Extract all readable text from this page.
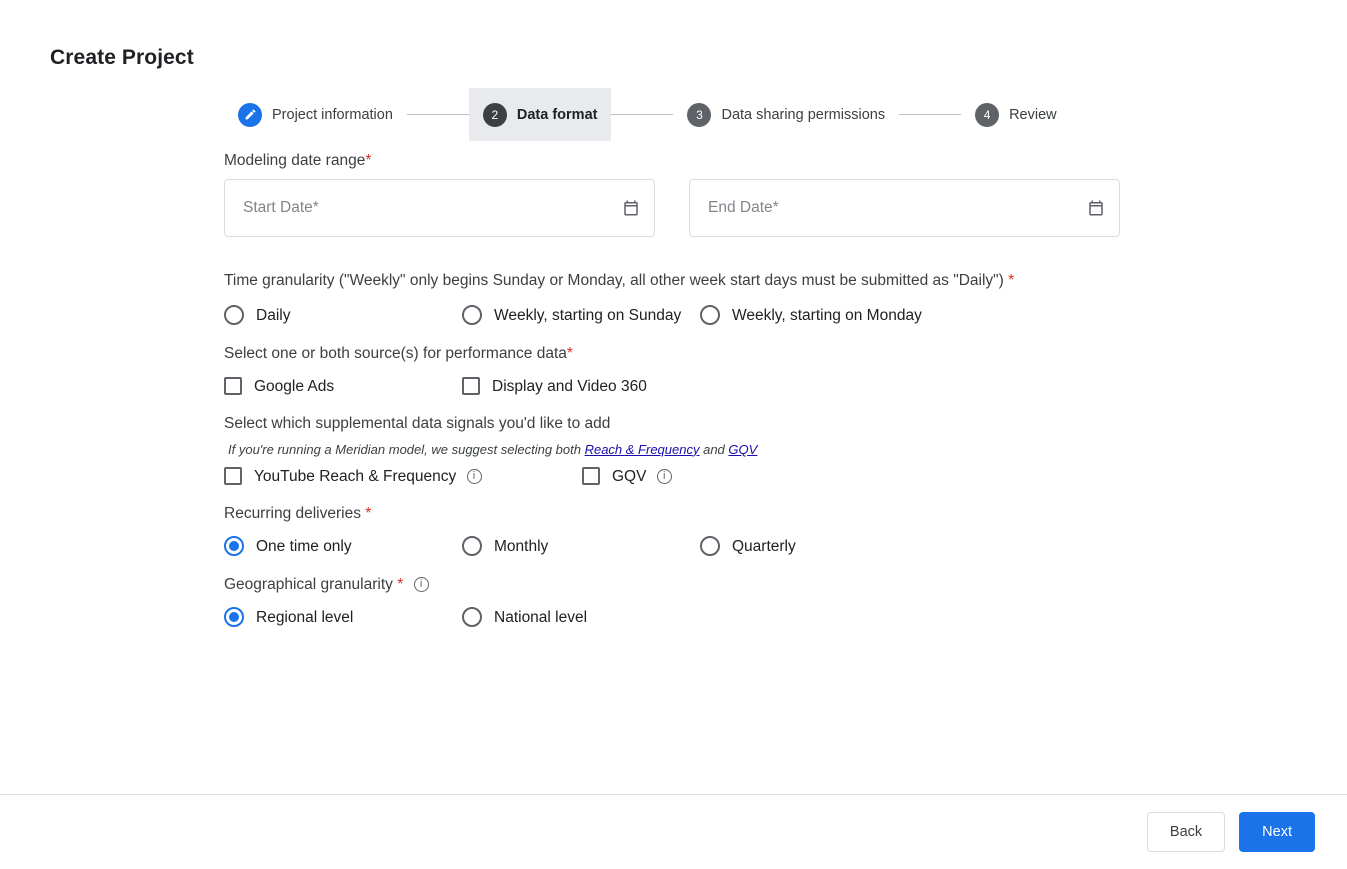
Create Project
Project information	2	Data format	3	Data sharing permissions	4	Review
Modeling date range*
Start Date*
End Date*
Time granularity ("Weekly" only begins Sunday or Monday, all other week start days must be submitted as "Daily") *
Daily	Weekly, starting on Sunday	Weekly, starting on Monday
Select one or both source(s) for performance data*
Google Ads	Display and Video 360
Select which supplemental data signals you'd like to add
If you're running a Meridian model, we suggest selecting both Reach & Frequency and GQV
YouTube Reach & Frequency i	GQV i
Recurring deliveries *
One time only	Monthly	Quarterly
Geographical granularity * i
Regional level	National level
Back	Next
